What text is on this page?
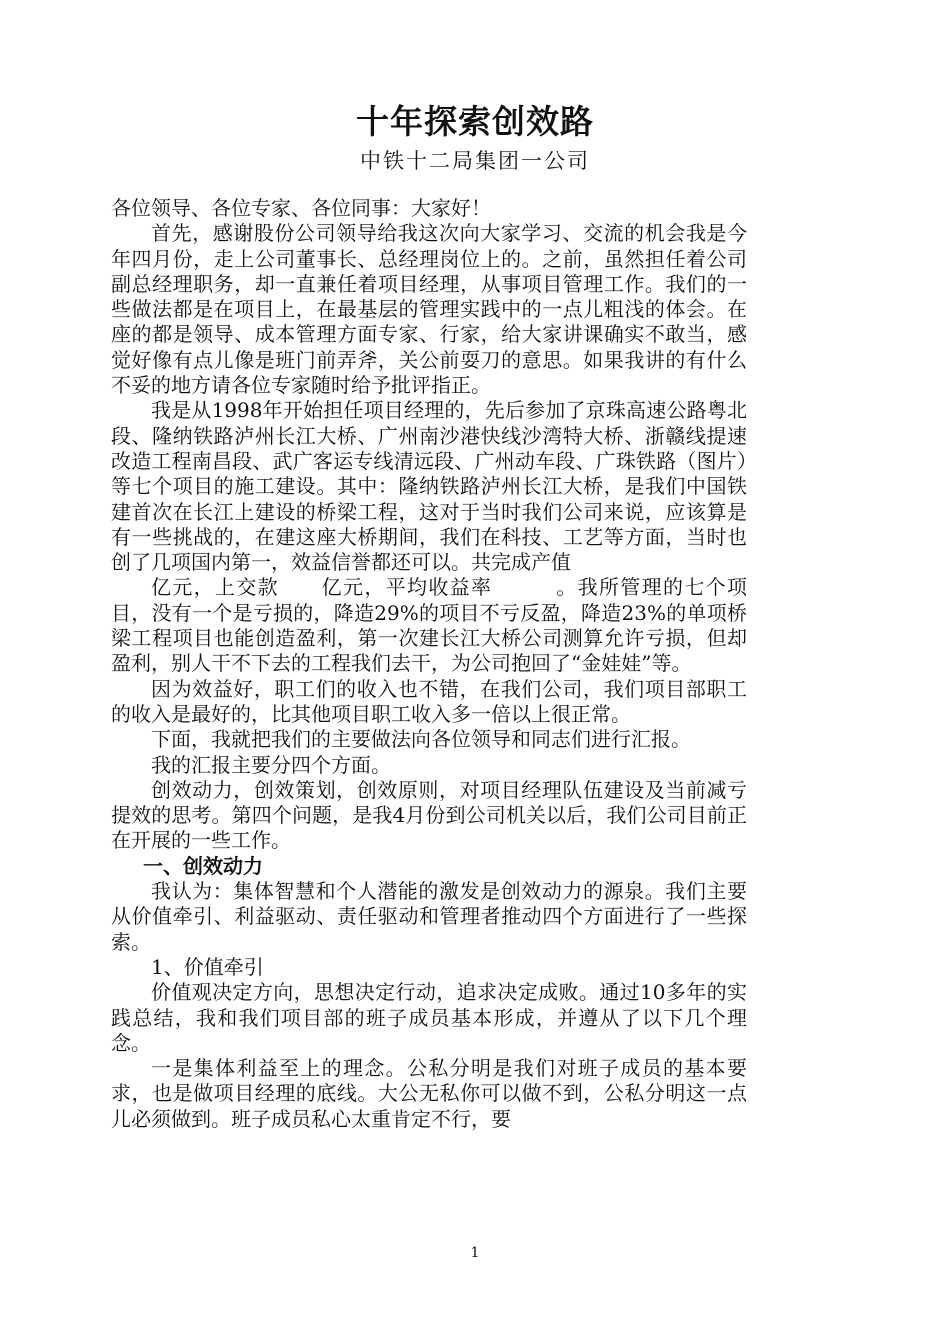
十年探索创效路
中铁十二局集团一公司

各位领导、各位专家、各位同事：大家好！

首先，感谢股份公司领导给我这次向大家学习、交流的机会我是今年四月份，走上公司董事长、总经理岗位上的。之前，虽然担任着公司副总经理职务，却一直兼任着项目经理，从事项目管理工作。我们的一些做法都是在项目上，在最基层的管理实践中的一点儿粗浅的体会。在座的都是领导、成本管理方面专家、行家，给大家讲课确实不敢当，感觉好像有点儿像是班门前弄斧，关公前耍刀的意思。如果我讲的有什么不妥的地方请各位专家随时给予批评指正。

我是从1998年开始担任项目经理的，先后参加了京珠高速公路粤北段、隆纳铁路泸州长江大桥、广州南沙港快线沙湾特大桥、浙赣线提速改造工程南昌段、武广客运专线清远段、广州动车段、广珠铁路（图片）等七个项目的施工建设。其中：隆纳铁路泸州长江大桥，是我们中国铁建首次在长江上建设的桥梁工程，这对于当时我们公司来说，应该算是有一些挑战的，在建这座大桥期间，我们在科技、工艺等方面，当时也创了几项国内第一，效益信誉都还可以。共完成产值

亿元，上交款　　亿元，平均收益率　　　。我所管理的七个项目，没有一个是亏损的，降造29%的项目不亏反盈，降造23%的单项桥梁工程项目也能创造盈利，第一次建长江大桥公司测算允许亏损，但却盈利，别人干不下去的工程我们去干，为公司抱回了“金娃娃”等。

因为效益好，职工们的收入也不错，在我们公司，我们项目部职工的收入是最好的，比其他项目职工收入多一倍以上很正常。

下面，我就把我们的主要做法向各位领导和同志们进行汇报。

我的汇报主要分四个方面。

创效动力，创效策划，创效原则，对项目经理队伍建设及当前减亏提效的思考。第四个问题，是我4月份到公司机关以后，我们公司目前正在开展的一些工作。

一、创效动力

我认为：集体智慧和个人潜能的激发是创效动力的源泉。我们主要从价值牵引、利益驱动、责任驱动和管理者推动四个方面进行了一些探索。

1、价值牵引

价值观决定方向，思想决定行动，追求决定成败。通过10多年的实践总结，我和我们项目部的班子成员基本形成，并遵从了以下几个理念。

一是集体利益至上的理念。公私分明是我们对班子成员的基本要求，也是做项目经理的底线。大公无私你可以做不到，公私分明这一点儿必须做到。班子成员私心太重肯定不行，要

1
